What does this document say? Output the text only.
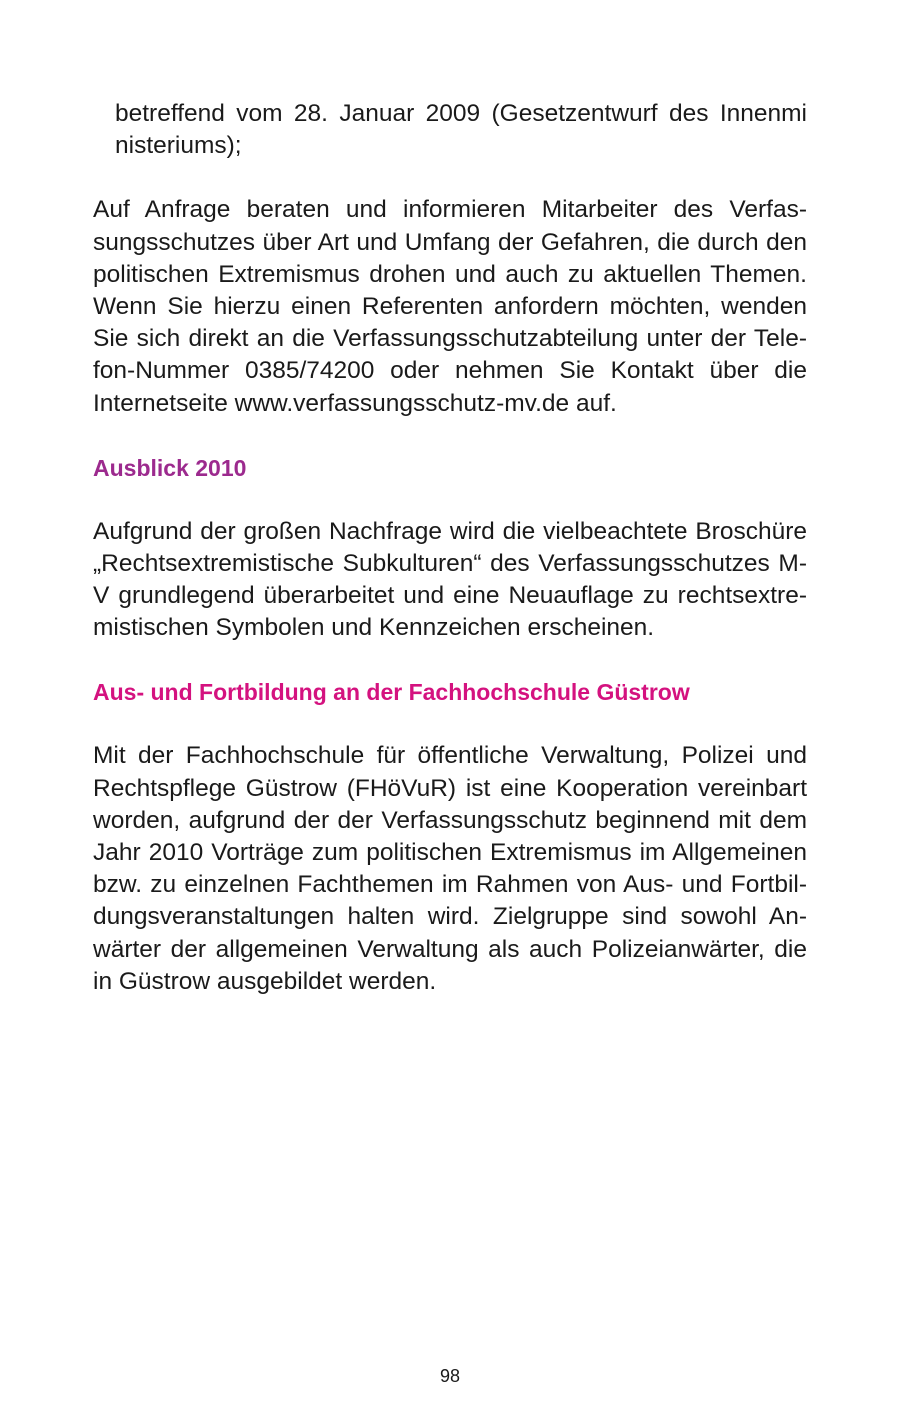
betreffend vom 28. Januar 2009 (Gesetzentwurf des Innenmi
nisteriums);
Auf Anfrage beraten und informieren Mitarbeiter des Verfas-
sungsschutzes über Art und Umfang der Gefahren, die durch den
politischen Extremismus drohen und auch zu aktuellen Themen.
Wenn Sie hierzu einen Referenten anfordern möchten, wenden
Sie sich direkt an die Verfassungsschutzabteilung unter der Tele-
fon-Nummer 0385/74200 oder nehmen Sie Kontakt über die
Internetseite www.verfassungsschutz-mv.de auf.
Ausblick 2010
Aufgrund der großen Nachfrage wird die vielbeachtete Broschüre
„Rechtsextremistische Subkulturen“ des Verfassungsschutzes M-
V grundlegend überarbeitet und eine Neuauflage zu rechtsextre-
mistischen Symbolen und Kennzeichen erscheinen.
Aus- und Fortbildung an der Fachhochschule Güstrow
Mit der Fachhochschule für öffentliche Verwaltung, Polizei und
Rechtspflege Güstrow (FHöVuR) ist eine Kooperation vereinbart
worden, aufgrund der der Verfassungsschutz beginnend mit dem
Jahr 2010 Vorträge zum politischen Extremismus im Allgemeinen
bzw. zu einzelnen Fachthemen im Rahmen von Aus- und Fortbil-
dungsveranstaltungen halten wird. Zielgruppe sind sowohl An-
wärter der allgemeinen Verwaltung als auch Polizeianwärter, die
in Güstrow ausgebildet werden.
98
